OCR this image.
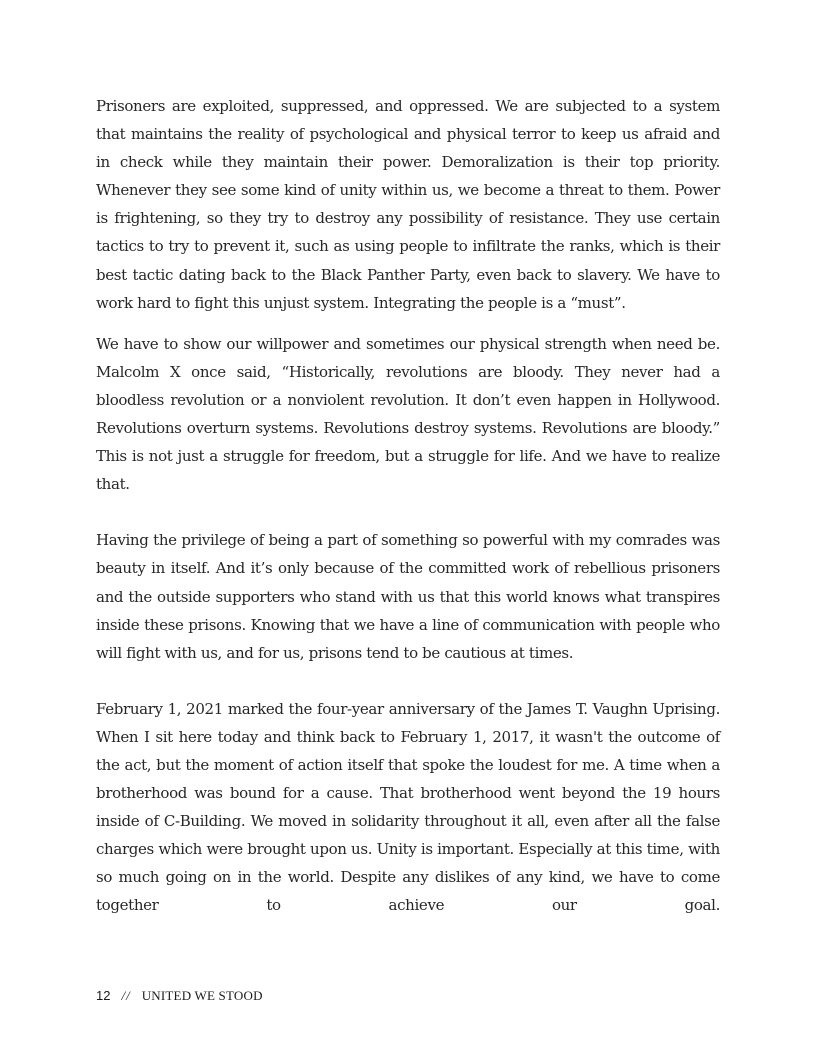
Prisoners are exploited, suppressed, and oppressed. We are subjected to a system that maintains the reality of psychological and physical terror to keep us afraid and in check while they maintain their power. Demoralization is their top priority. Whenever they see some kind of unity within us, we become a threat to them. Power is frightening, so they try to destroy any possibility of resistance. They use certain tactics to try to prevent it, such as using people to infiltrate the ranks, which is their best tactic dating back to the Black Panther Party, even back to slavery. We have to work hard to fight this unjust system. Integrating the people is a “must”.

We have to show our willpower and sometimes our physical strength when need be. Malcolm X once said, “Historically, revolutions are bloody. They never had a bloodless revolution or a nonviolent revolution. It don’t even happen in Hollywood. Revolutions overturn systems. Revolutions destroy systems. Revolutions are bloody.” This is not just a struggle for freedom, but a struggle for life. And we have to realize that.

Having the privilege of being a part of something so powerful with my comrades was beauty in itself. And it’s only because of the committed work of rebellious prisoners and the outside supporters who stand with us that this world knows what transpires inside these prisons. Knowing that we have a line of communication with people who will fight with us, and for us, prisons tend to be cautious at times.

February 1, 2021 marked the four-year anniversary of the James T. Vaughn Uprising. When I sit here today and think back to February 1, 2017, it wasn't the outcome of the act, but the moment of action itself that spoke the loudest for me. A time when a brotherhood was bound for a cause. That brotherhood went beyond the 19 hours inside of C-Building. We moved in solidarity throughout it all, even after all the false charges which were brought upon us. Unity is important. Especially at this time, with so much going on in the world. Despite any dislikes of any kind, we have to come together to achieve our goal.

12 // UNITED WE STOOD
